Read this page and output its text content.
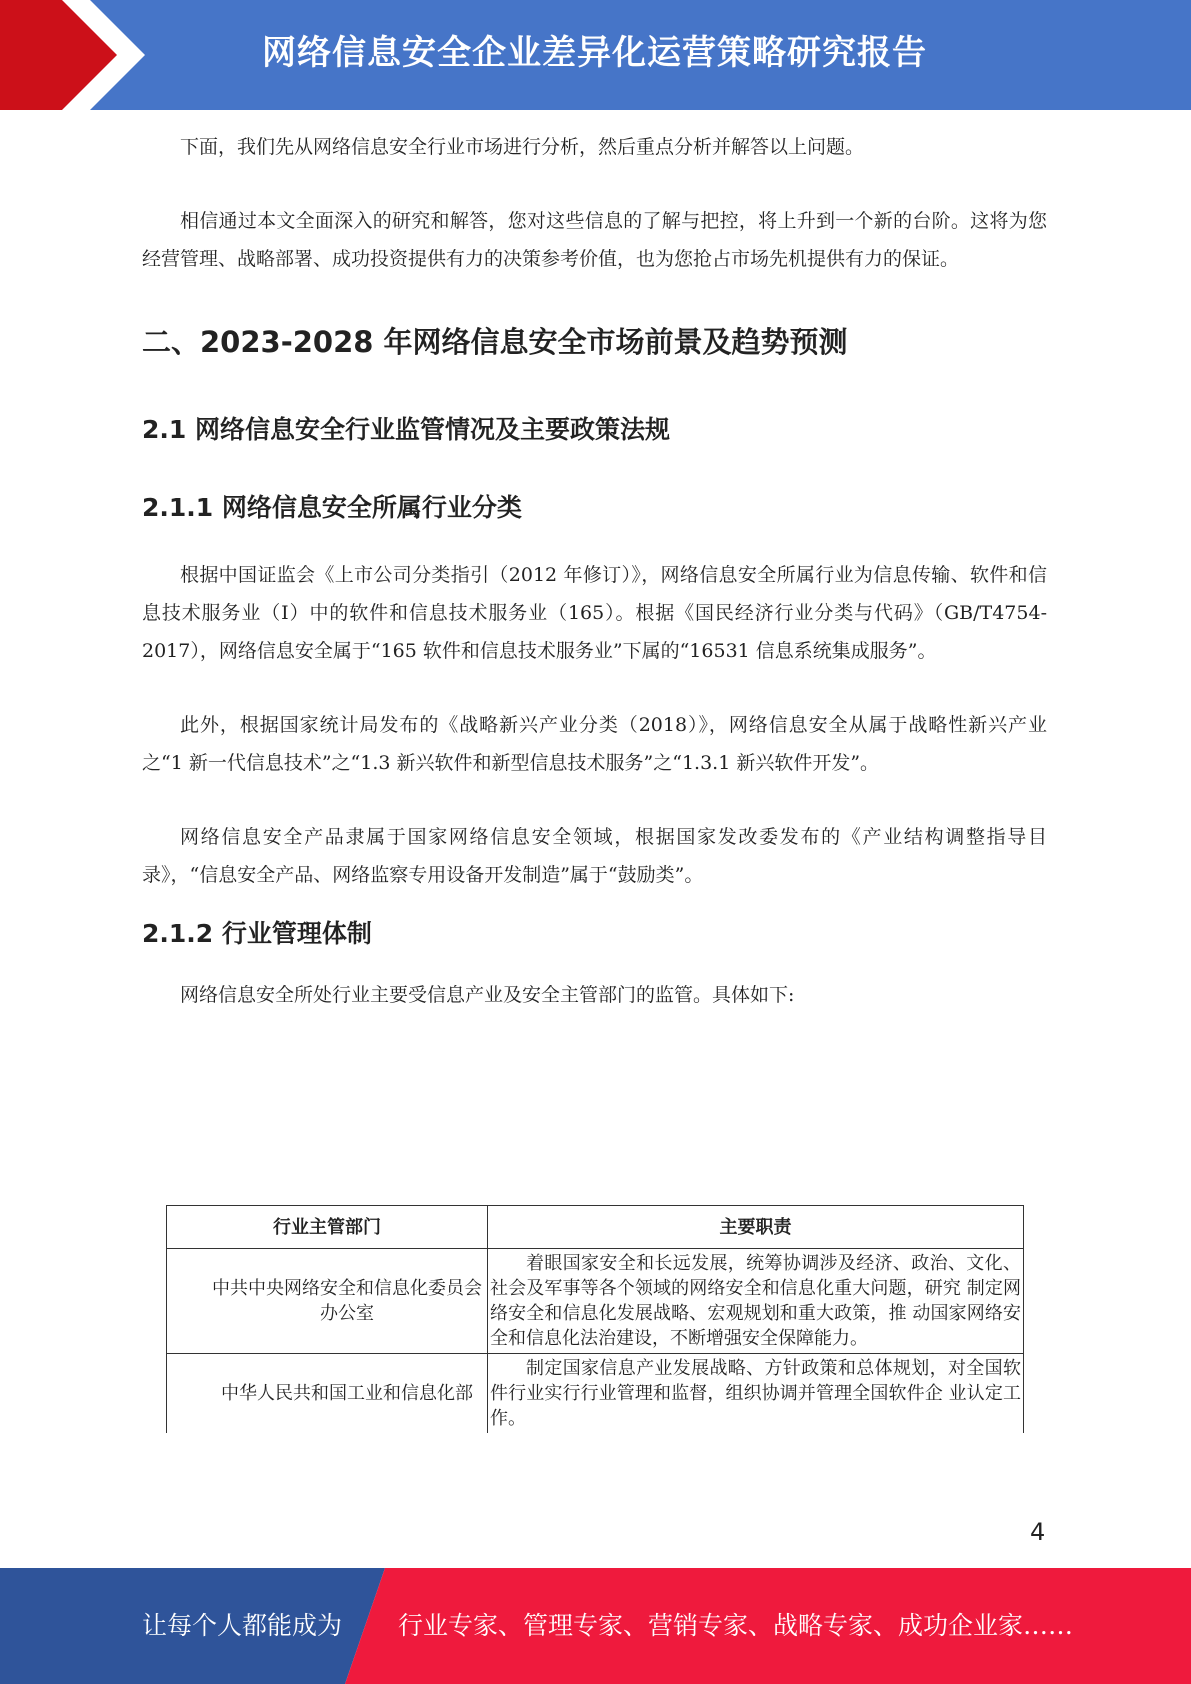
网络信息安全企业差异化运营策略研究报告

下面，我们先从网络信息安全行业市场进行分析，然后重点分析并解答以上问题。

相信通过本文全面深入的研究和解答，您对这些信息的了解与把控，将上升到一个新的台阶。这将为您经营管理、战略部署、成功投资提供有力的决策参考价值，也为您抢占市场先机提供有力的保证。

二、2023-2028 年网络信息安全市场前景及趋势预测
2.1 网络信息安全行业监管情况及主要政策法规
2.1.1 网络信息安全所属行业分类

根据中国证监会《上市公司分类指引（2012 年修订）》，网络信息安全所属行业为信息传输、软件和信息技术服务业（I）中的软件和信息技术服务业（165）。根据《国民经济行业分类与代码》（GB/T4754-2017），网络信息安全属于“165 软件和信息技术服务业”下属的“16531 信息系统集成服务”。

此外，根据国家统计局发布的《战略新兴产业分类（2018）》，网络信息安全从属于战略性新兴产业之“1 新一代信息技术”之“1.3 新兴软件和新型信息技术服务”之“1.3.1 新兴软件开发”。

网络信息安全产品隶属于国家网络信息安全领域，根据国家发改委发布的《产业结构调整指导目录》，“信息安全产品、网络监察专用设备开发制造”属于“鼓励类”。

2.1.2 行业管理体制

网络信息安全所处行业主要受信息产业及安全主管部门的监管。具体如下:

行业主管部门	主要职责
中共中央网络安全和信息化委员会办公室	着眼国家安全和长远发展，统筹协调涉及经济、政治、文化、社会及军事等各个领域的网络安全和信息化重大问题，研究 制定网络安全和信息化发展战略、宏观规划和重大政策，推 动国家网络安全和信息化法治建设，不断增强安全保障能力。
中华人民共和国工业和信息化部	制定国家信息产业发展战略、方针政策和总体规划，对全国软件行业实行行业管理和监督，组织协调并管理全国软件企 业认定工作。
4
让每个人都能成为 行业专家、管理专家、营销专家、战略专家、成功企业家……
